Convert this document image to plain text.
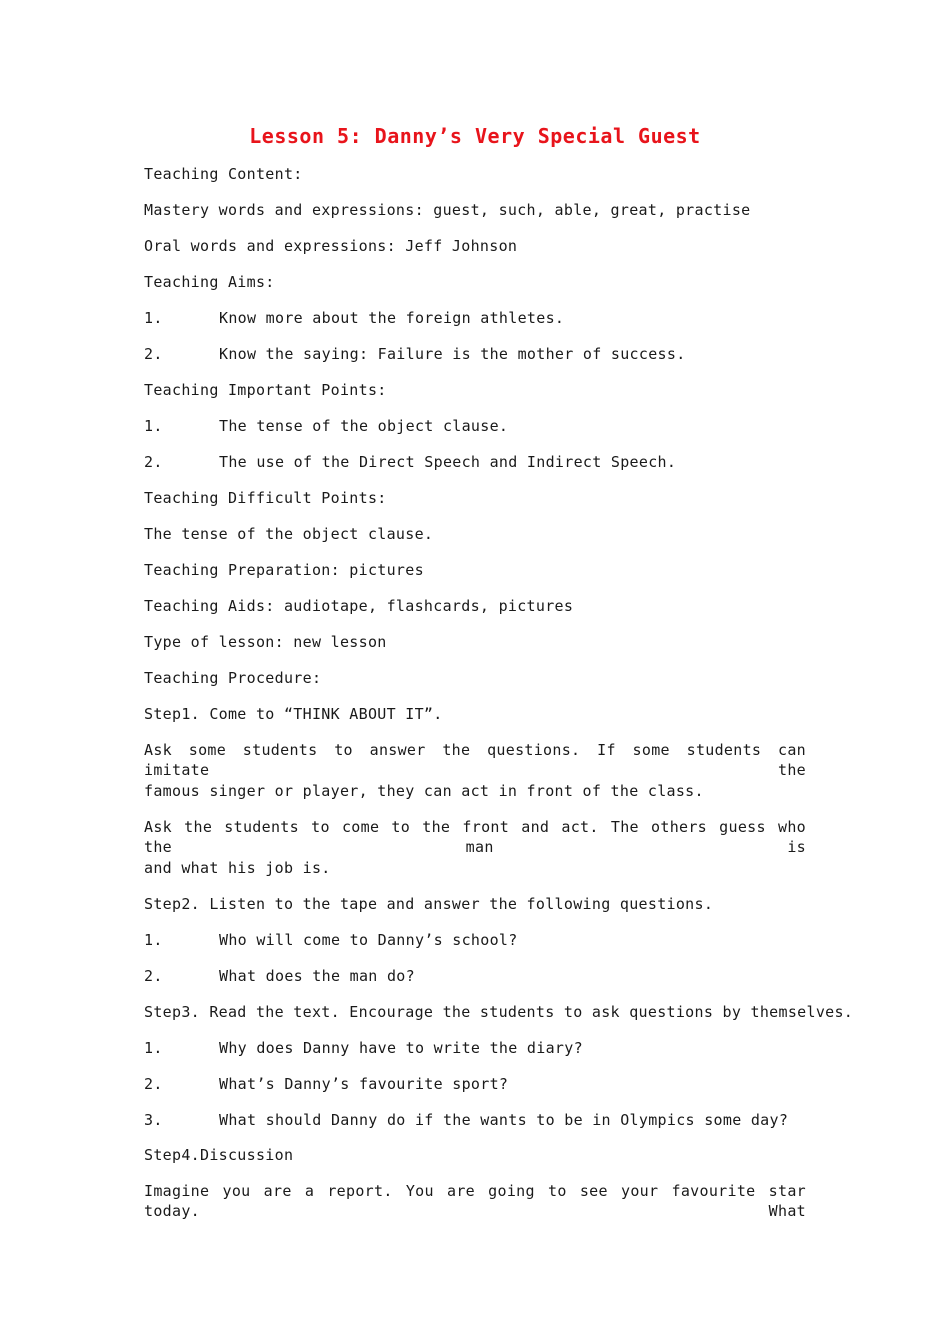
Lesson 5: Danny’s Very Special Guest
Teaching Content:
Mastery words and expressions: guest, such, able, great, practise
Oral words and expressions: Jeff Johnson
Teaching Aims:
1.	Know more about the foreign athletes.
2.	Know the saying: Failure is the mother of success.
Teaching Important Points:
1.	The tense of the object clause.
2.	The use of the Direct Speech and Indirect Speech.
Teaching Difficult Points:
The tense of the object clause.
Teaching Preparation: pictures
Teaching Aids: audiotape, flashcards, pictures
Type of lesson: new lesson
Teaching Procedure:
Step1. Come to “THINK ABOUT IT”.
Ask some students to answer the questions. If some students can imitate the
famous singer or player, they can act in front of the class.
Ask the students to come to the front and act. The others guess who the man is
and what his job is.
Step2. Listen to the tape and answer the following questions.
1.	Who will come to Danny’s school?
2.	What does the man do?
Step3. Read the text. Encourage the students to ask questions by themselves.
1.	Why does Danny have to write the diary?
2.	What’s Danny’s favourite sport?
3.	What should Danny do if the wants to be in Olympics some day?
Step4.Discussion
Imagine you are a report. You are going to see your favourite star today. What
